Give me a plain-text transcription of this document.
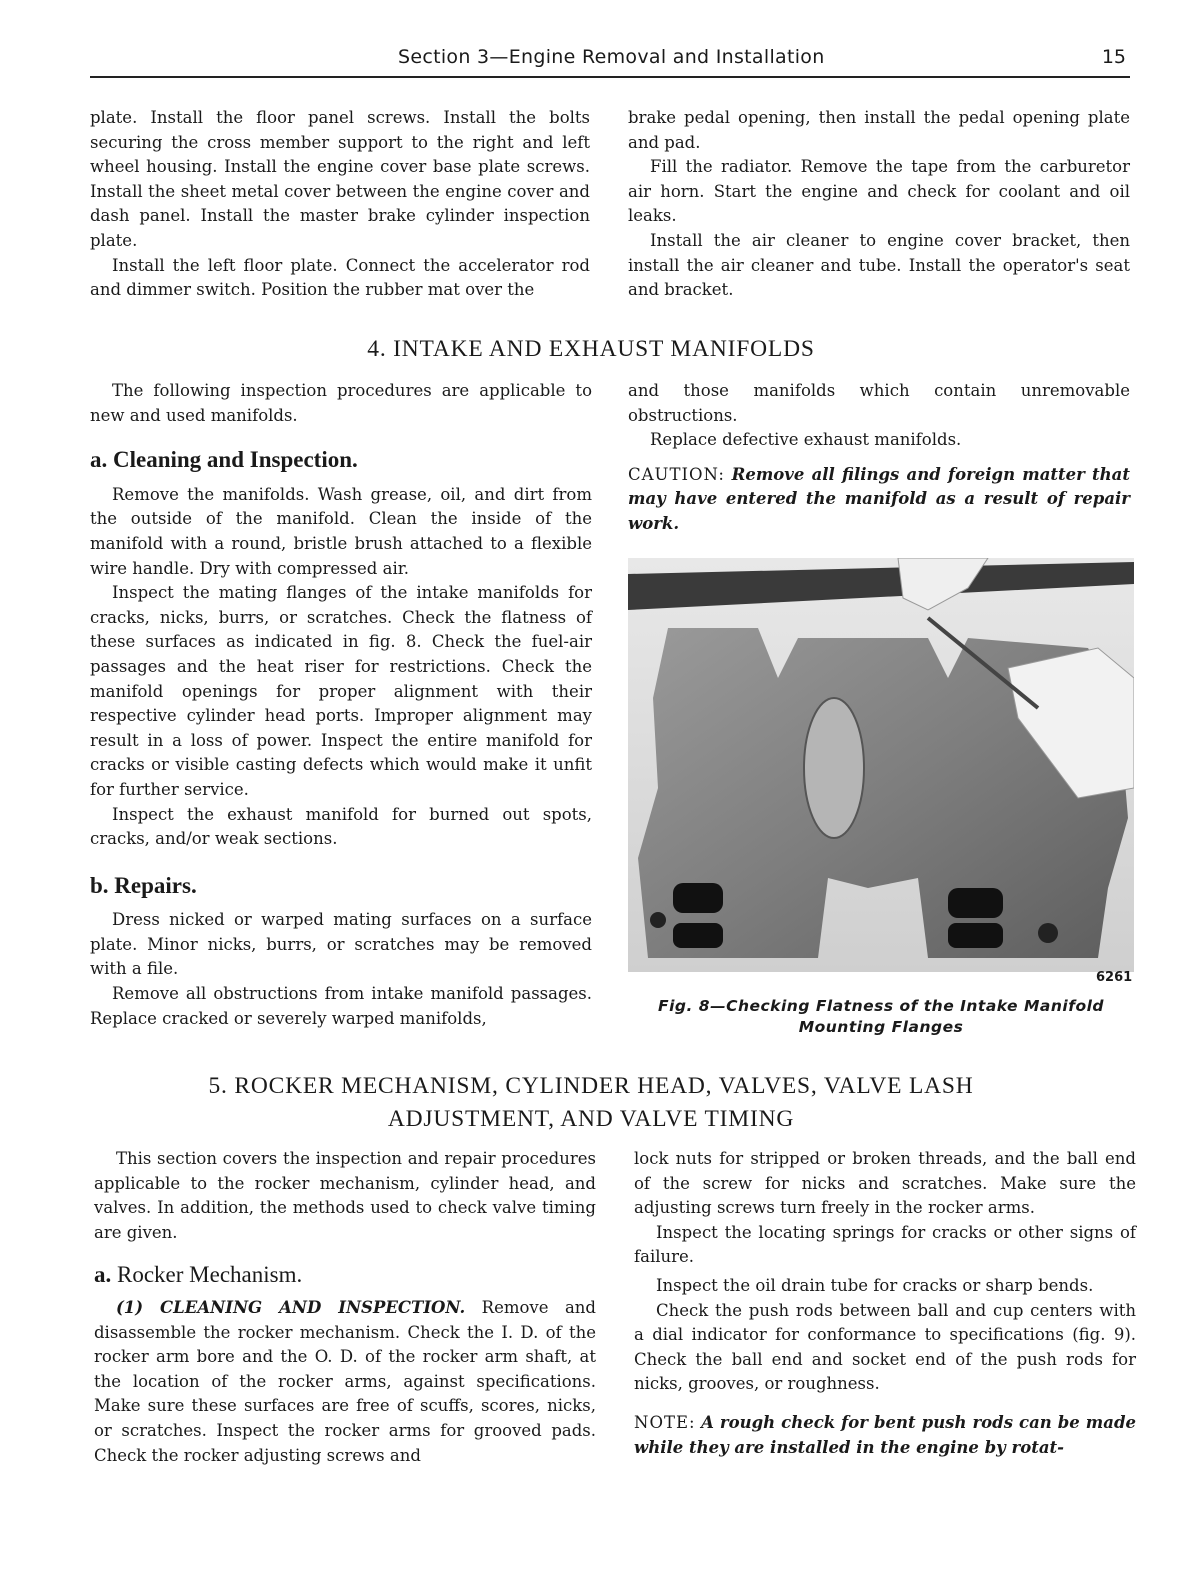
Section 3—Engine Removal and Installation	15

plate. Install the floor panel screws. Install the bolts securing the cross member support to the right and left wheel housing. Install the engine cover base plate screws. Install the sheet metal cover between the engine cover and dash panel. Install the master brake cylinder inspection plate.

Install the left floor plate. Connect the accelerator rod and dimmer switch. Position the rubber mat over the

brake pedal opening, then install the pedal opening plate and pad.

Fill the radiator. Remove the tape from the carburetor air horn. Start the engine and check for coolant and oil leaks.

Install the air cleaner to engine cover bracket, then install the air cleaner and tube. Install the operator's seat and bracket.

4. INTAKE AND EXHAUST MANIFOLDS

The following inspection procedures are applicable to new and used manifolds.

a. Cleaning and Inspection.

Remove the manifolds. Wash grease, oil, and dirt from the outside of the manifold. Clean the inside of the manifold with a round, bristle brush attached to a flexible wire handle. Dry with compressed air.

Inspect the mating flanges of the intake manifolds for cracks, nicks, burrs, or scratches. Check the flatness of these surfaces as indicated in fig. 8. Check the fuel-air passages and the heat riser for restrictions. Check the manifold openings for proper alignment with their respective cylinder head ports. Improper alignment may result in a loss of power. Inspect the entire manifold for cracks or visible casting defects which would make it unfit for further service.

Inspect the exhaust manifold for burned out spots, cracks, and/or weak sections.

b. Repairs.

Dress nicked or warped mating surfaces on a surface plate. Minor nicks, burrs, or scratches may be removed with a file.

Remove all obstructions from intake manifold passages. Replace cracked or severely warped manifolds,

and those manifolds which contain unremovable obstructions.

Replace defective exhaust manifolds.

CAUTION: Remove all filings and foreign matter that may have entered the manifold as a result of repair work.

6261
Fig. 8—Checking Flatness of the Intake Manifold Mounting Flanges
5. ROCKER MECHANISM, CYLINDER HEAD, VALVES, VALVE LASH
ADJUSTMENT, AND VALVE TIMING

This section covers the inspection and repair procedures applicable to the rocker mechanism, cylinder head, and valves. In addition, the methods used to check valve timing are given.

a. Rocker Mechanism.

(1) CLEANING AND INSPECTION. Remove and disassemble the rocker mechanism. Check the I. D. of the rocker arm bore and the O. D. of the rocker arm shaft, at the location of the rocker arms, against specifications. Make sure these surfaces are free of scuffs, scores, nicks, or scratches. Inspect the rocker arms for grooved pads. Check the rocker adjusting screws and

lock nuts for stripped or broken threads, and the ball end of the screw for nicks and scratches. Make sure the adjusting screws turn freely in the rocker arms.

Inspect the locating springs for cracks or other signs of failure.

Inspect the oil drain tube for cracks or sharp bends.

Check the push rods between ball and cup centers with a dial indicator for conformance to specifications (fig. 9). Check the ball end and socket end of the push rods for nicks, grooves, or roughness.

NOTE: A rough check for bent push rods can be made while they are installed in the engine by rotat-
